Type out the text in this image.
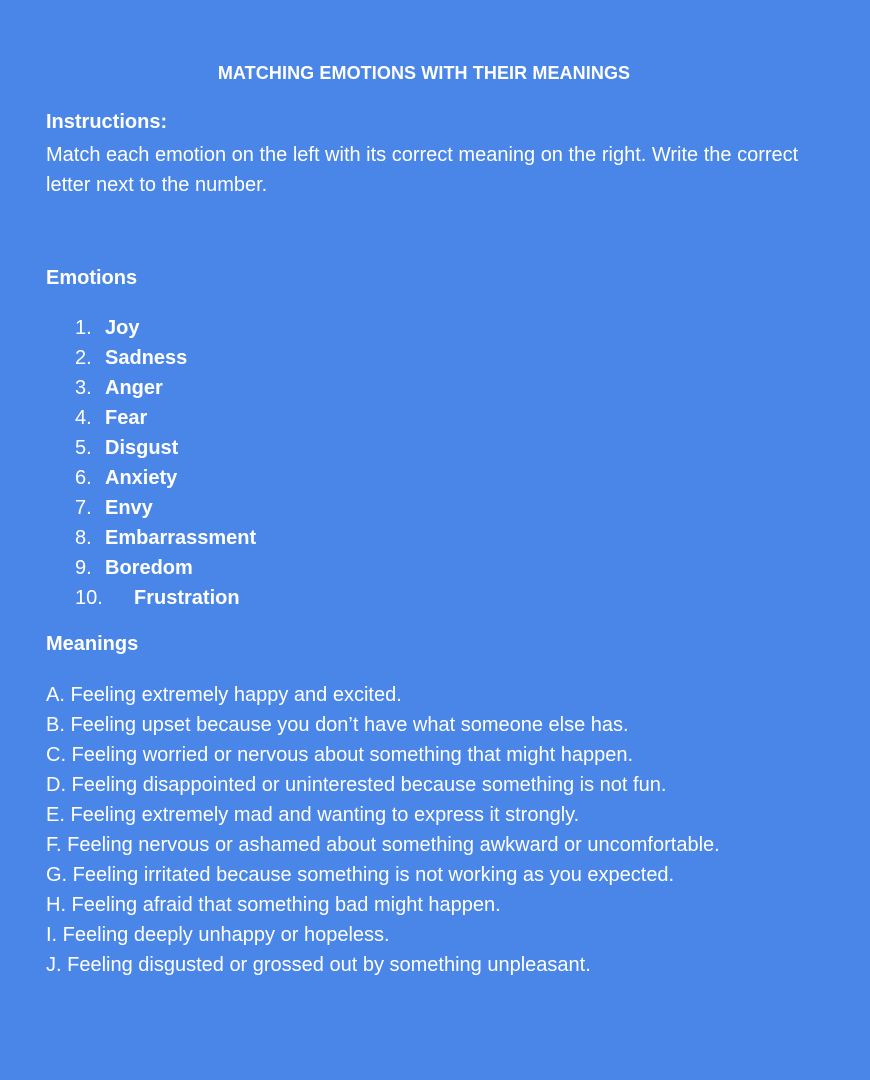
MATCHING EMOTIONS WITH THEIR MEANINGS
Instructions:
Match each emotion on the left with its correct meaning on the right. Write the correct letter next to the number.
Emotions
1. Joy
2. Sadness
3. Anger
4. Fear
5. Disgust
6. Anxiety
7. Envy
8. Embarrassment
9. Boredom
10. Frustration
Meanings
A. Feeling extremely happy and excited.
B. Feeling upset because you don’t have what someone else has.
C. Feeling worried or nervous about something that might happen.
D. Feeling disappointed or uninterested because something is not fun.
E. Feeling extremely mad and wanting to express it strongly.
F. Feeling nervous or ashamed about something awkward or uncomfortable.
G. Feeling irritated because something is not working as you expected.
H. Feeling afraid that something bad might happen.
I. Feeling deeply unhappy or hopeless.
J. Feeling disgusted or grossed out by something unpleasant.
